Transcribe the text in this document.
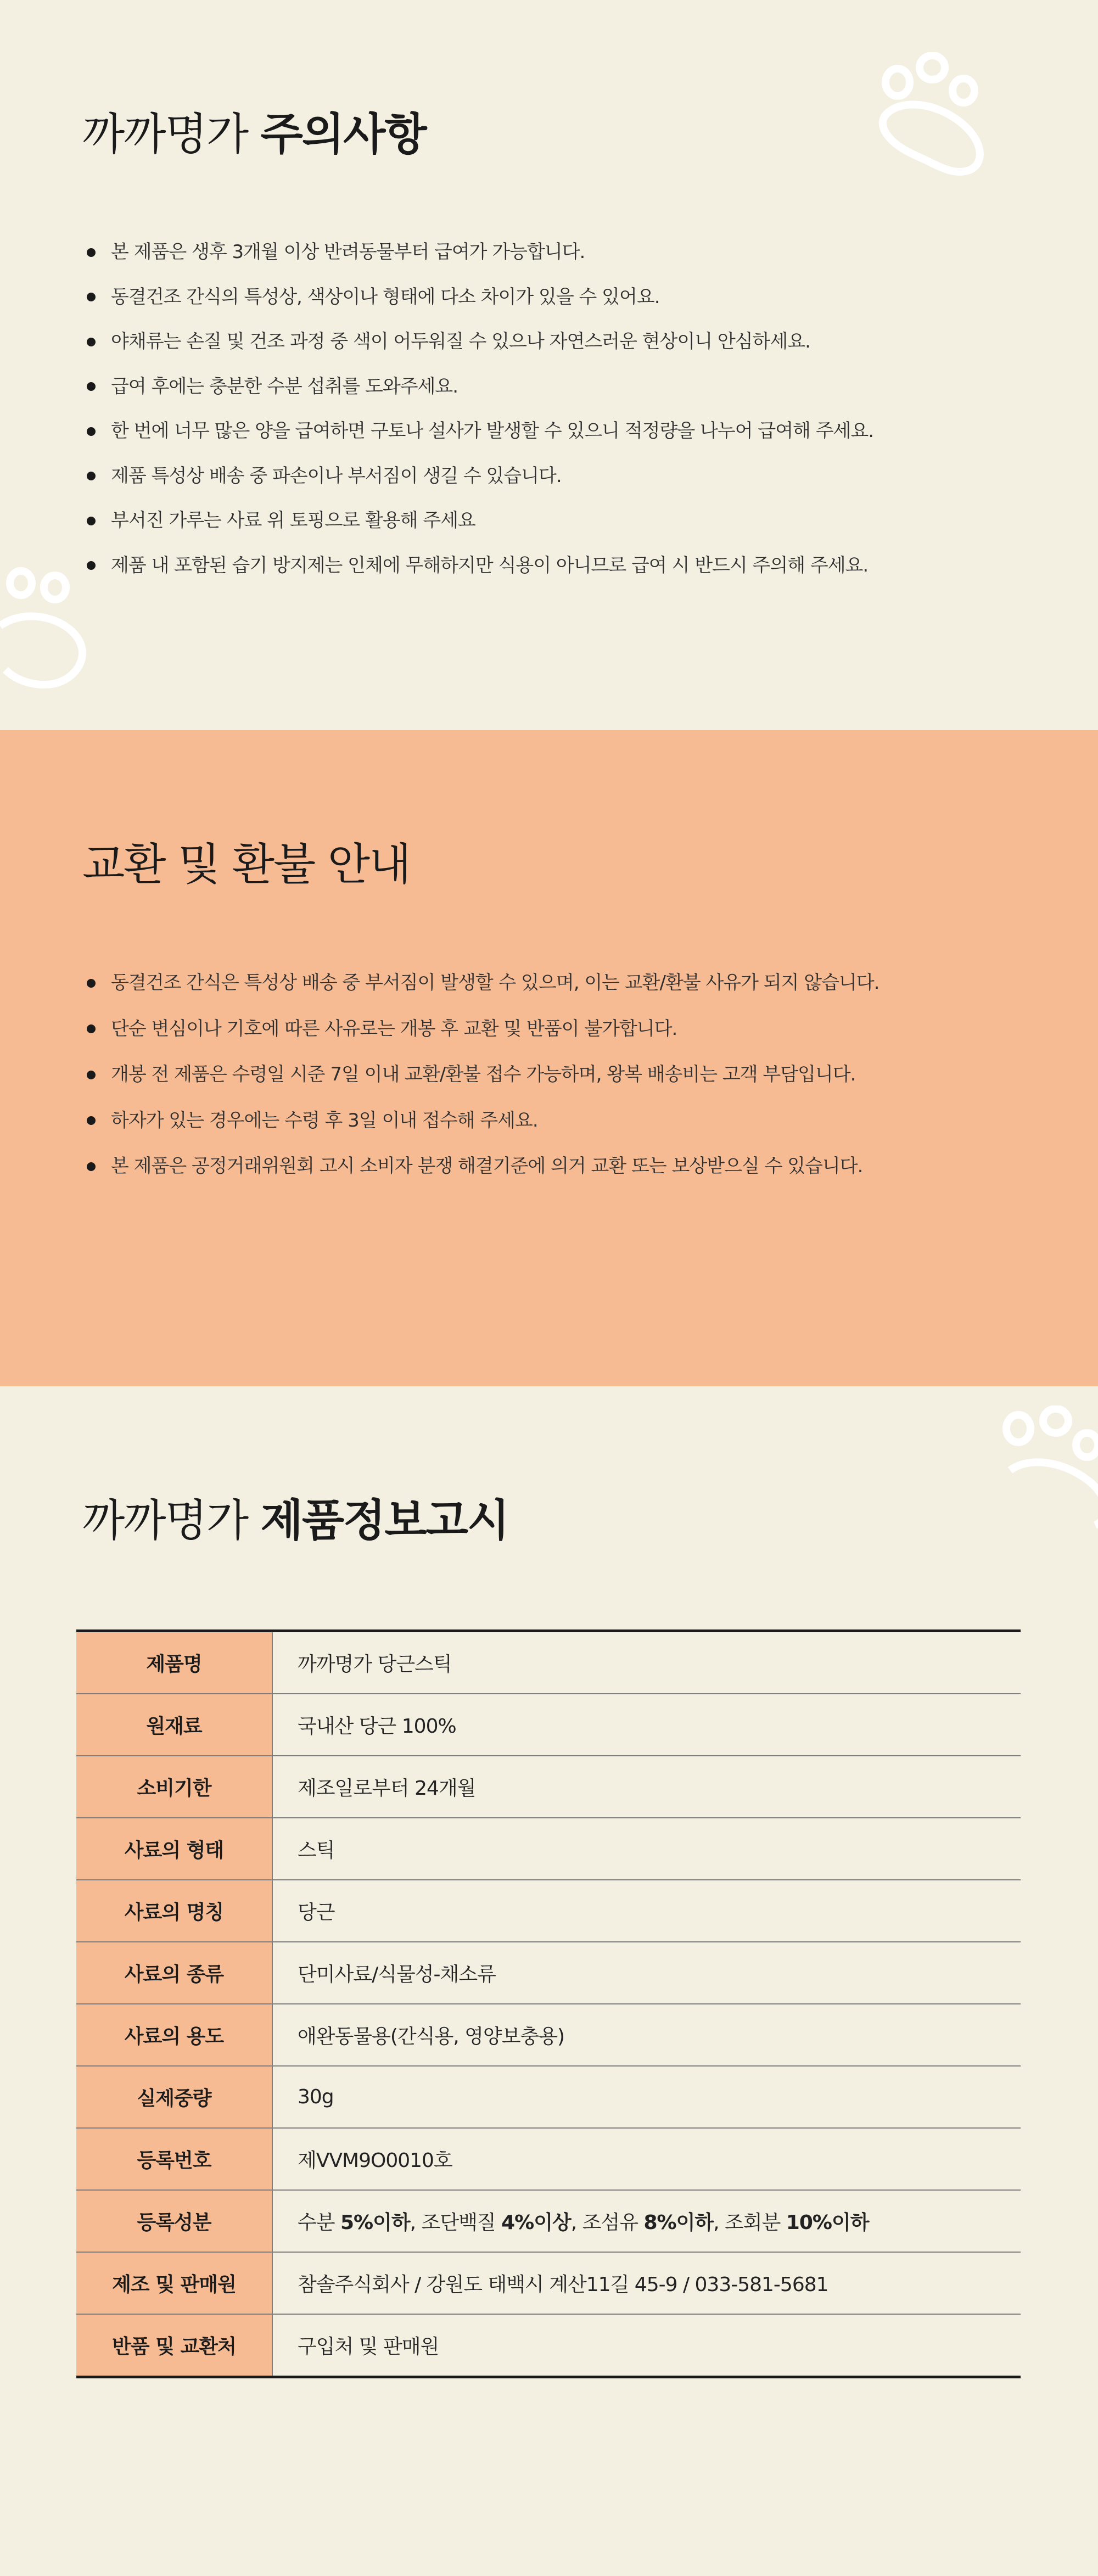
까까명가 주의사항
본 제품은 생후 3개월 이상 반려동물부터 급여가 가능합니다.
동결건조 간식의 특성상, 색상이나 형태에 다소 차이가 있을 수 있어요.
야채류는 손질 및 건조 과정 중 색이 어두워질 수 있으나 자연스러운 현상이니 안심하세요.
급여 후에는 충분한 수분 섭취를 도와주세요.
한 번에 너무 많은 양을 급여하면 구토나 설사가 발생할 수 있으니 적정량을 나누어 급여해 주세요.
제품 특성상 배송 중 파손이나 부서짐이 생길 수 있습니다.
부서진 가루는 사료 위 토핑으로 활용해 주세요
제품 내 포함된 습기 방지제는 인체에 무해하지만 식용이 아니므로 급여 시 반드시 주의해 주세요.
교환 및 환불 안내
동결건조 간식은 특성상 배송 중 부서짐이 발생할 수 있으며, 이는 교환/환불 사유가 되지 않습니다.
단순 변심이나 기호에 따른 사유로는 개봉 후 교환 및 반품이 불가합니다.
개봉 전 제품은 수령일 시준 7일 이내 교환/환불 접수 가능하며, 왕복 배송비는 고객 부담입니다.
하자가 있는 경우에는 수령 후 3일 이내 접수해 주세요.
본 제품은 공정거래위원회 고시 소비자 분쟁 해결기준에 의거 교환 또는 보상받으실 수 있습니다.
까까명가 제품정보고시
제품명	까까명가 당근스틱
원재료	국내산 당근 100%
소비기한	제조일로부터 24개월
사료의 형태	스틱
사료의 명칭	당근
사료의 종류	단미사료/식물성-채소류
사료의 용도	애완동물용(간식용, 영양보충용)
실제중량	30g
등록번호	제VVM9O0010호
등록성분	수분 5%이하, 조단백질 4%이상, 조섬유 8%이하, 조회분 10%이하
제조 및 판매원	참솔주식회사 / 강원도 태백시 계산11길 45-9 / 033-581-5681
반품 및 교환처	구입처 및 판매원
